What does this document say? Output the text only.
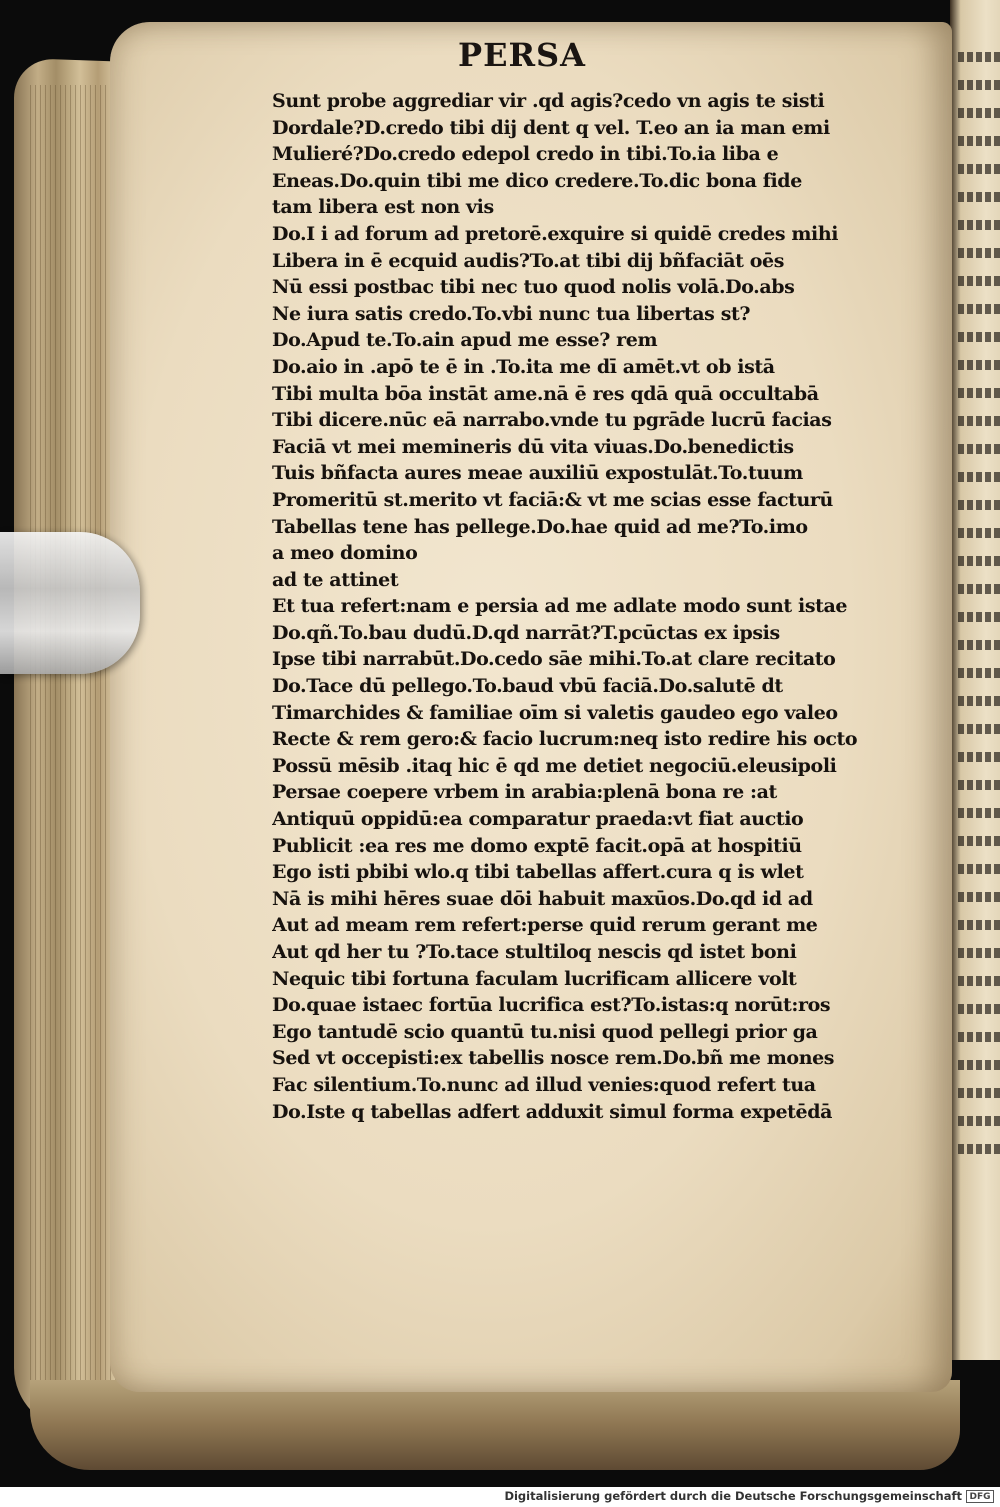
PERSA
Sunt probe aggrediar vir .qd agis?cedo vn agis te sisti
Dordale?D.credo tibi dij dent q vel. T.eo an ia man emi
Mulieré?Do.credo edepol credo in tibi.To.ia liba e
Eneas.Do.quin tibi me dico credere.To.dic bona fide
tam libera est non vis
Do.I i ad forum ad pretorē.exquire si quidē credes mihi
Libera in ē ecquid audis?To.at tibi dij bñfaciāt oēs
Nū essi postbac tibi nec tuo quod nolis volā.Do.abs
Ne iura satis credo.To.vbi nunc tua libertas st?
Do.Apud te.To.ain apud me esse? rem
Do.aio in .apō te ē in .To.ita me dī amēt.vt ob istā
Tibi multa bōa instāt ame.nā ē res qdā quā occultabā
Tibi dicere.nūc eā narrabo.vnde tu pgrāde lucrū facias
Faciā vt mei memineris dū vita viuas.Do.benedictis
Tuis bñfacta aures meae auxiliū expostulāt.To.tuum
Promeritū st.merito vt faciā:& vt me scias esse facturū
Tabellas tene has pellege.Do.hae quid ad me?To.imo
a meo domino
ad te attinet
Et tua refert:nam e persia ad me adlate modo sunt istae
Do.qñ.To.bau dudū.D.qd narrāt?T.pcūctas ex ipsis
Ipse tibi narrabūt.Do.cedo sāe mihi.To.at clare recitato
Do.Tace dū pellego.To.baud vbū faciā.Do.salutē dt
Timarchides & familiae oīm si valetis gaudeo ego valeo
Recte & rem gero:& facio lucrum:neq isto redire his octo
Possū mēsib .itaq hic ē qd me detiet negociū.eleusipoli
Persae coepere vrbem in arabia:plenā bona re :at
Antiquū oppidū:ea comparatur praeda:vt fiat auctio
Publicit :ea res me domo exptē facit.opā at hospitiū
Ego isti pbibi wlo.q tibi tabellas affert.cura q is wlet
Nā is mihi hēres suae dōi habuit maxūos.Do.qd id ad
Aut ad meam rem refert:perse quid rerum gerant me
Aut qd her tu ?To.tace stultiloq nescis qd istet boni
Nequic tibi fortuna faculam lucrificam allicere volt
Do.quae istaec fortūa lucrifica est?To.istas:q norūt:ros
Ego tantudē scio quantū tu.nisi quod pellegi prior ga
Sed vt occepisti:ex tabellis nosce rem.Do.bñ me mones
Fac silentium.To.nunc ad illud venies:quod refert tua
Do.Iste q tabellas adfert adduxit simul forma expetēdā
Digitalisierung gefördert durch die Deutsche Forschungsgemeinschaft DFG
